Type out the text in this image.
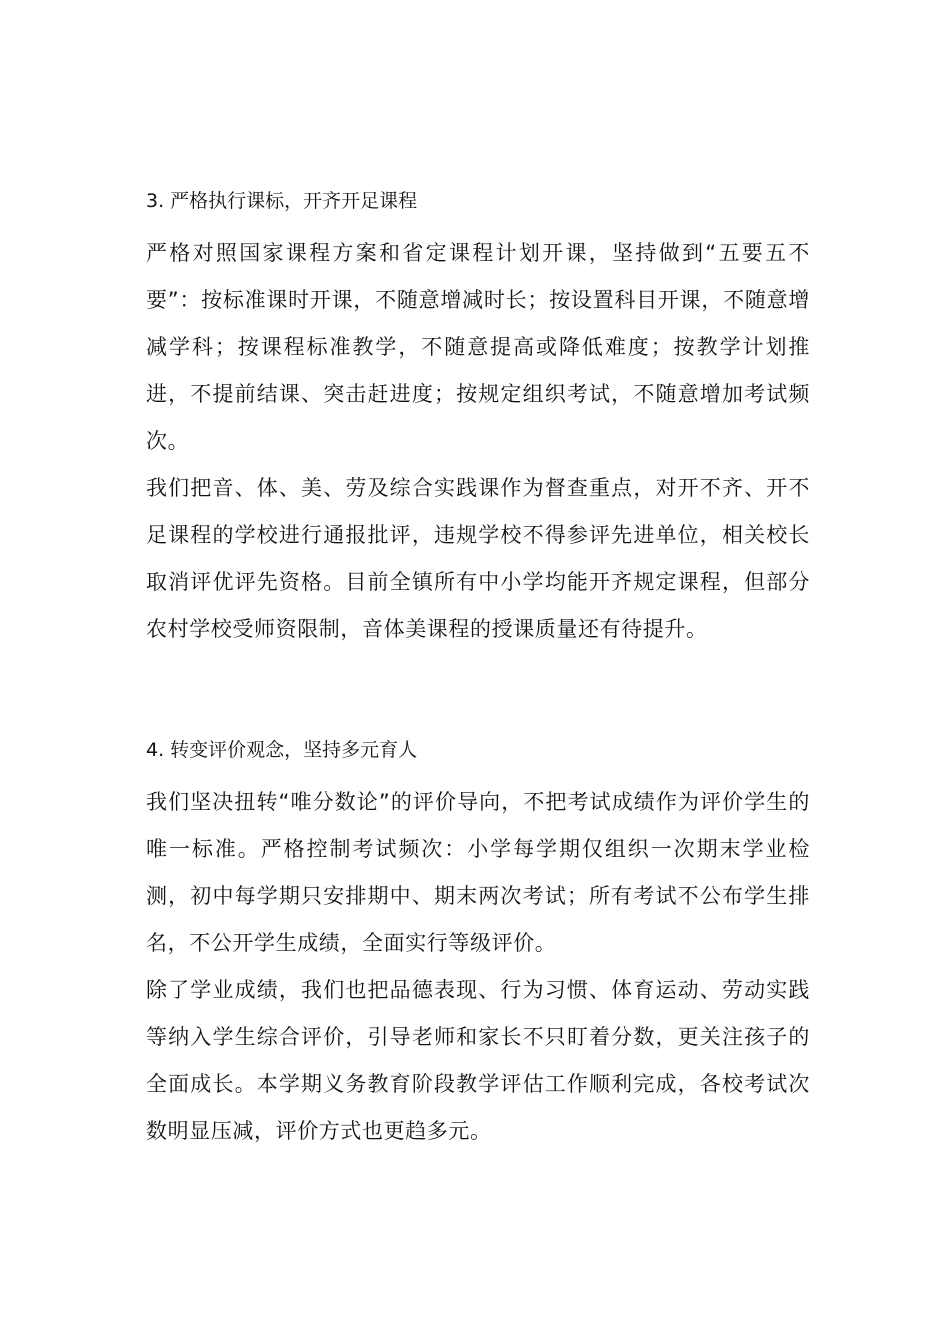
3. 严格执行课标，开齐开足课程

严格对照国家课程方案和省定课程计划开课，坚持做到“五要五不要”：按标准课时开课，不随意增减时长；按设置科目开课，不随意增减学科；按课程标准教学，不随意提高或降低难度；按教学计划推进，不提前结课、突击赶进度；按规定组织考试，不随意增加考试频次。

我们把音、体、美、劳及综合实践课作为督查重点，对开不齐、开不足课程的学校进行通报批评，违规学校不得参评先进单位，相关校长取消评优评先资格。目前全镇所有中小学均能开齐规定课程，但部分农村学校受师资限制，音体美课程的授课质量还有待提升。

4. 转变评价观念，坚持多元育人

我们坚决扭转“唯分数论”的评价导向，不把考试成绩作为评价学生的唯一标准。严格控制考试频次：小学每学期仅组织一次期末学业检测，初中每学期只安排期中、期末两次考试；所有考试不公布学生排名，不公开学生成绩，全面实行等级评价。

除了学业成绩，我们也把品德表现、行为习惯、体育运动、劳动实践等纳入学生综合评价，引导老师和家长不只盯着分数，更关注孩子的全面成长。本学期义务教育阶段教学评估工作顺利完成，各校考试次数明显压减，评价方式也更趋多元。
